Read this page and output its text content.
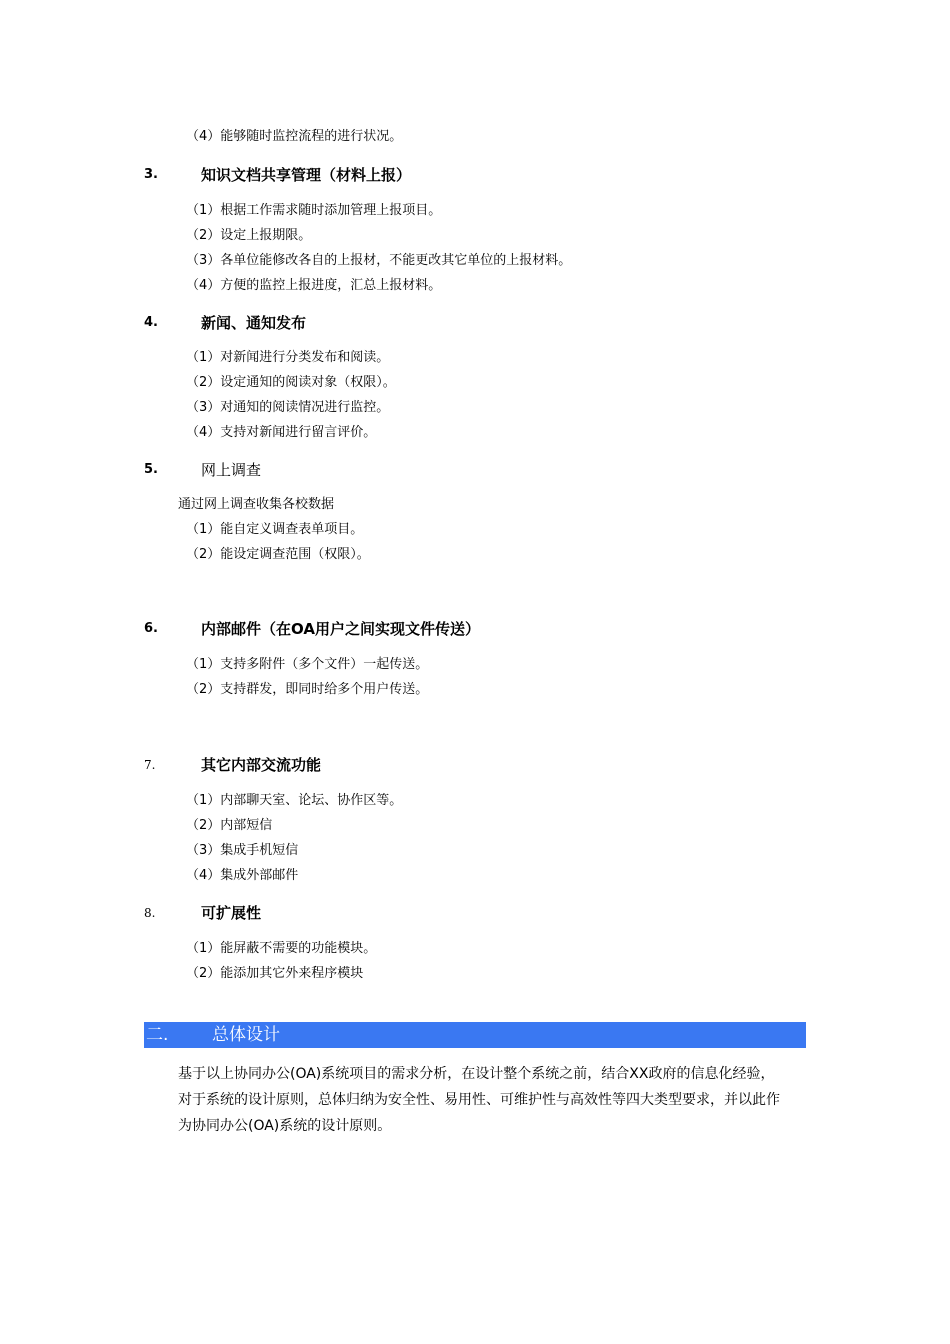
（4）能够随时监控流程的进行状况。
3.	知识文档共享管理（材料上报）
（1）根据工作需求随时添加管理上报项目。
（2）设定上报期限。
（3）各单位能修改各自的上报材，不能更改其它单位的上报材料。
（4）方便的监控上报进度，汇总上报材料。
4.	新闻、通知发布
（1）对新闻进行分类发布和阅读。
（2）设定通知的阅读对象（权限）。
（3）对通知的阅读情况进行监控。
（4）支持对新闻进行留言评价。
5.	网上调查
通过网上调查收集各校数据
（1）能自定义调查表单项目。
（2）能设定调查范围（权限）。
6.	内部邮件（在OA用户之间实现文件传送）
（1）支持多附件（多个文件）一起传送。
（2）支持群发，即同时给多个用户传送。
7.	其它内部交流功能
（1）内部聊天室、论坛、协作区等。
（2）内部短信
（3）集成手机短信
（4）集成外部邮件
8.	可扩展性
（1）能屏蔽不需要的功能模块。
（2）能添加其它外来程序模块
二.	总体设计
基于以上协同办公(OA)系统项目的需求分析，在设计整个系统之前，结合XX政府的信息化经验，
对于系统的设计原则，总体归纳为安全性、易用性、可维护性与高效性等四大类型要求，并以此作
为协同办公(OA)系统的设计原则。
